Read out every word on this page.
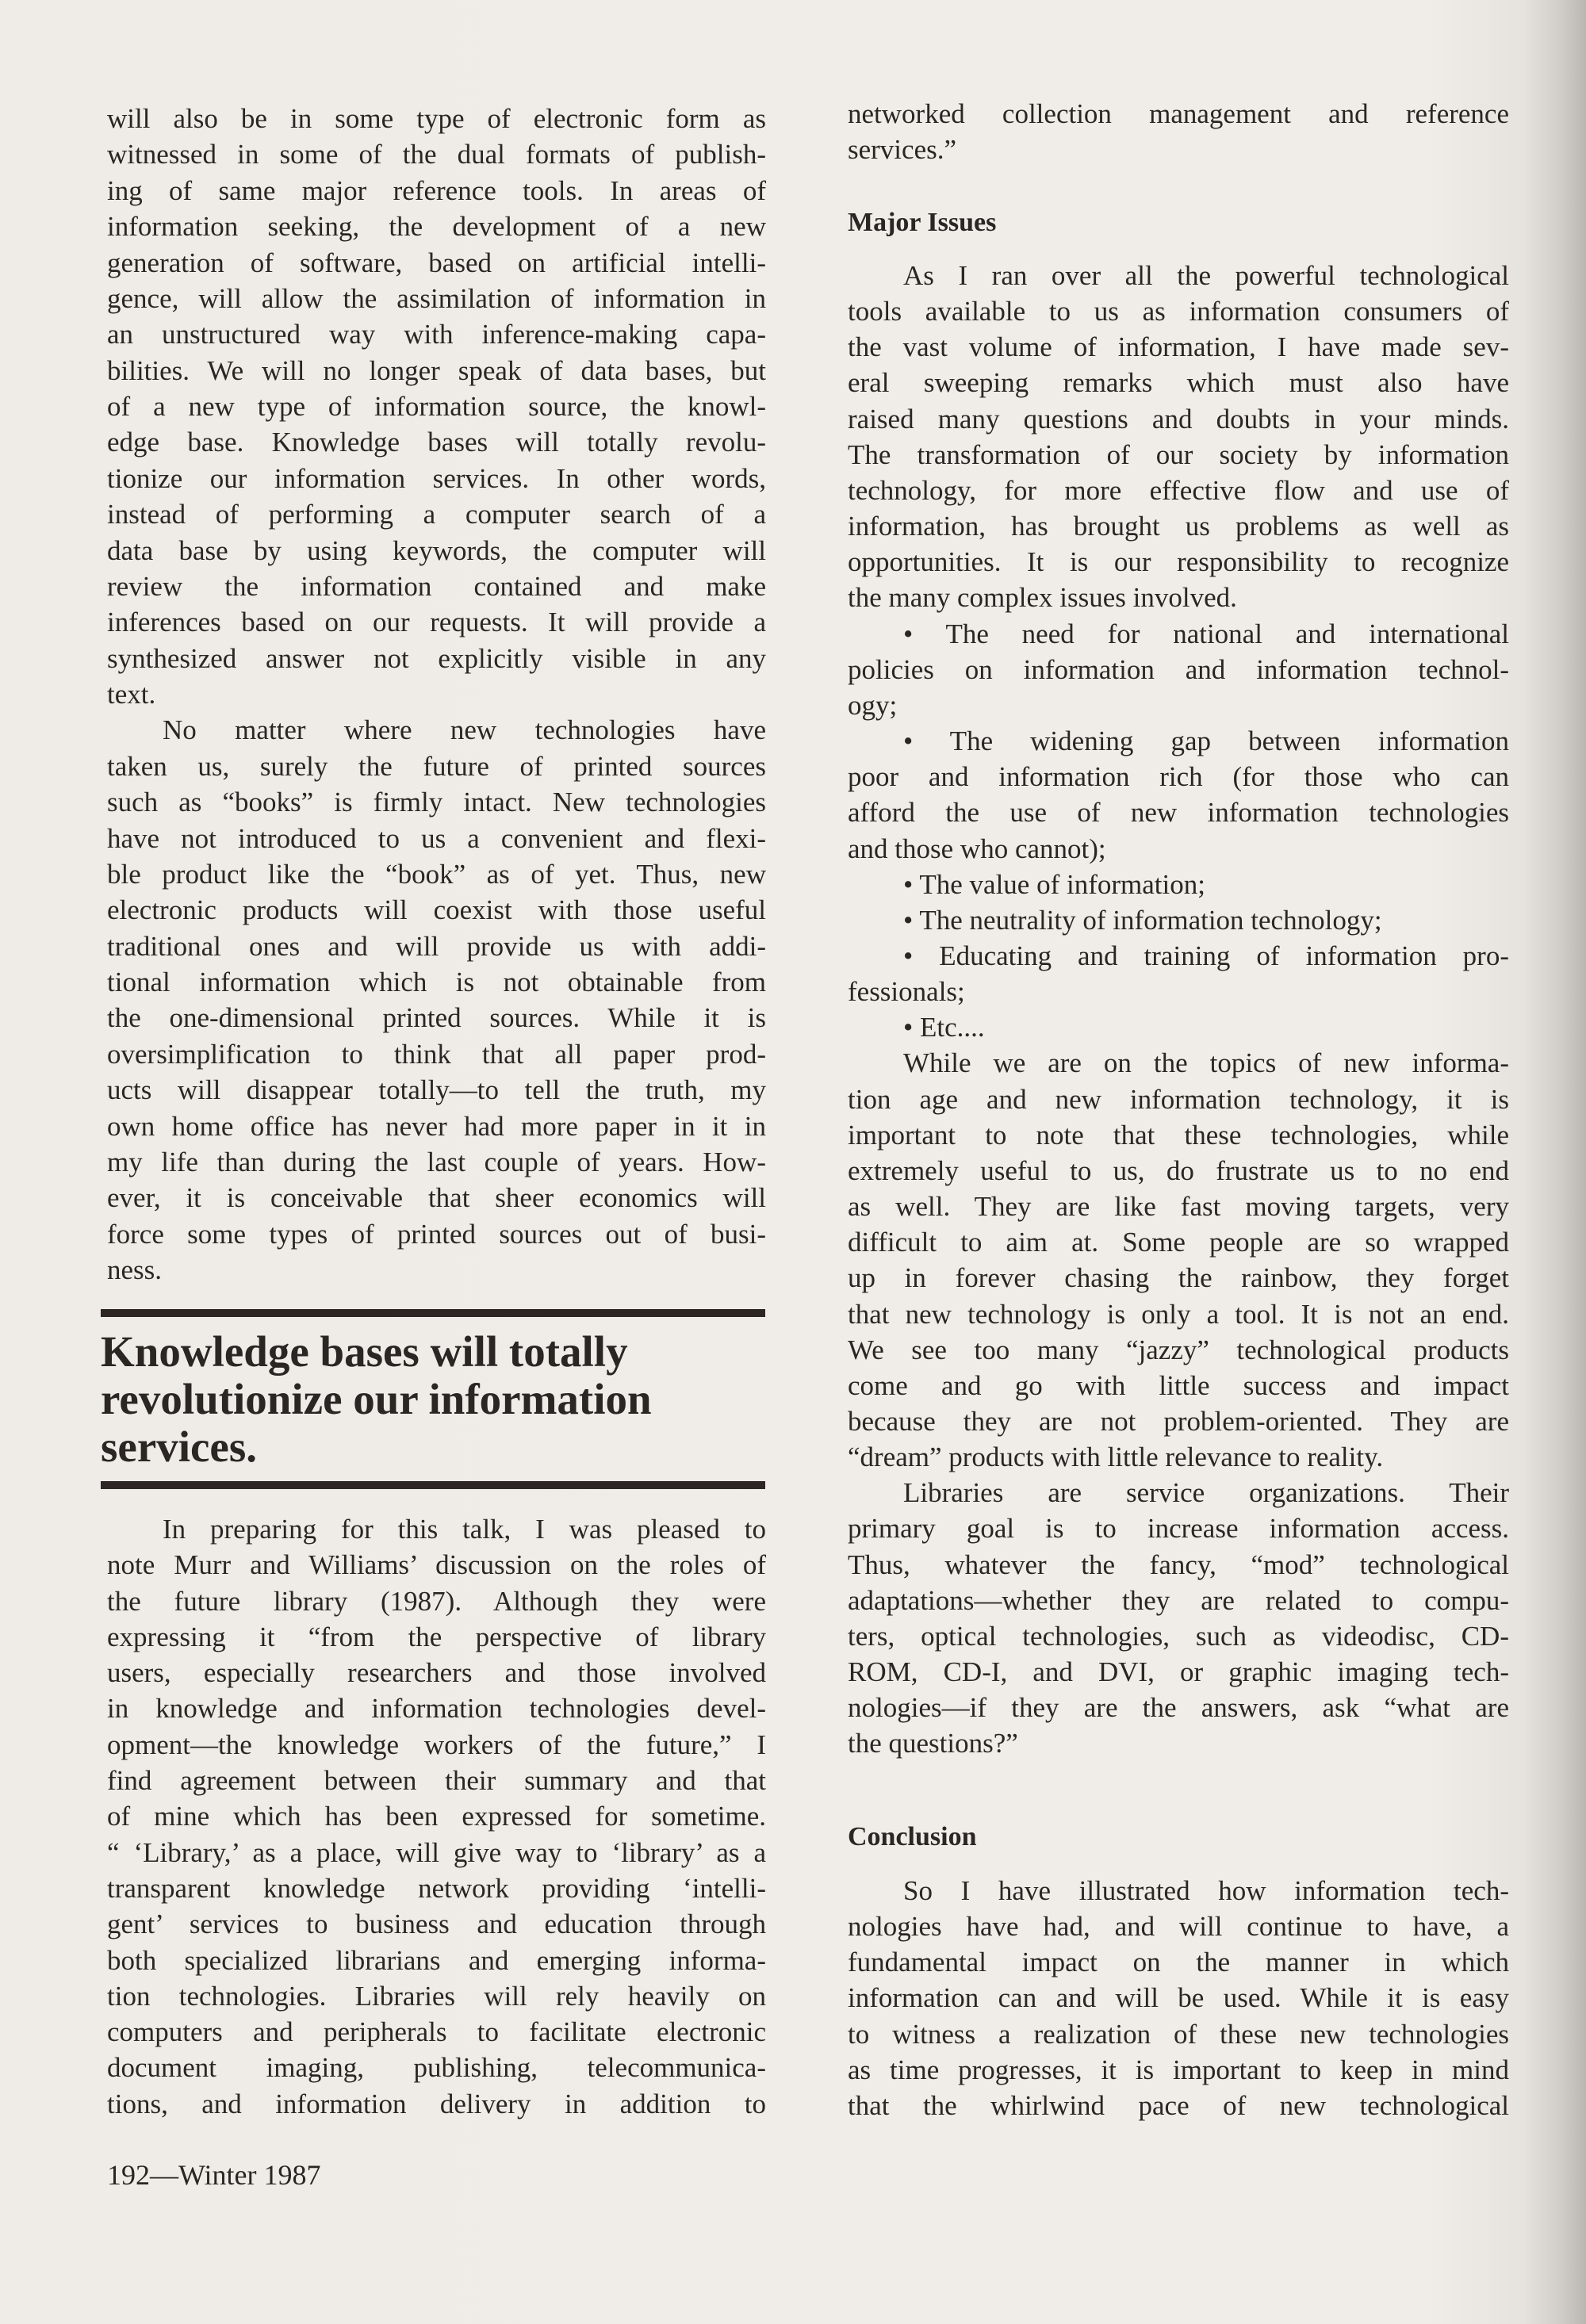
will also be in some type of electronic form as
witnessed in some of the dual formats of publish-
ing of same major reference tools. In areas of
information seeking, the development of a new
generation of software, based on artificial intelli-
gence, will allow the assimilation of information in
an unstructured way with inference-making capa-
bilities. We will no longer speak of data bases, but
of a new type of information source, the knowl-
edge base. Knowledge bases will totally revolu-
tionize our information services. In other words,
instead of performing a computer search of a
data base by using keywords, the computer will
review the information contained and make
inferences based on our requests. It will provide a
synthesized answer not explicitly visible in any
text.
No matter where new technologies have
taken us, surely the future of printed sources
such as “books” is firmly intact. New technologies
have not introduced to us a convenient and flexi-
ble product like the “book” as of yet. Thus, new
electronic products will coexist with those useful
traditional ones and will provide us with addi-
tional information which is not obtainable from
the one-dimensional printed sources. While it is
oversimplification to think that all paper prod-
ucts will disappear totally—to tell the truth, my
own home office has never had more paper in it in
my life than during the last couple of years. How-
ever, it is conceivable that sheer economics will
force some types of printed sources out of busi-
ness.
Knowledge bases will totally
revolutionize our information
services.
In preparing for this talk, I was pleased to
note Murr and Williams’ discussion on the roles of
the future library (1987). Although they were
expressing it “from the perspective of library
users, especially researchers and those involved
in knowledge and information technologies devel-
opment—the knowledge workers of the future,” I
find agreement between their summary and that
of mine which has been expressed for sometime.
“ ‘Library,’ as a place, will give way to ‘library’ as a
transparent knowledge network providing ‘intelli-
gent’ services to business and education through
both specialized librarians and emerging informa-
tion technologies. Libraries will rely heavily on
computers and peripherals to facilitate electronic
document imaging, publishing, telecommunica-
tions, and information delivery in addition to
networked collection management and reference
services.”
Major Issues
As I ran over all the powerful technological
tools available to us as information consumers of
the vast volume of information, I have made sev-
eral sweeping remarks which must also have
raised many questions and doubts in your minds.
The transformation of our society by information
technology, for more effective flow and use of
information, has brought us problems as well as
opportunities. It is our responsibility to recognize
the many complex issues involved.
• The need for national and international
policies on information and information technol-
ogy;
• The widening gap between information
poor and information rich (for those who can
afford the use of new information technologies
and those who cannot);
• The value of information;
• The neutrality of information technology;
• Educating and training of information pro-
fessionals;
• Etc....
While we are on the topics of new informa-
tion age and new information technology, it is
important to note that these technologies, while
extremely useful to us, do frustrate us to no end
as well. They are like fast moving targets, very
difficult to aim at. Some people are so wrapped
up in forever chasing the rainbow, they forget
that new technology is only a tool. It is not an end.
We see too many “jazzy” technological products
come and go with little success and impact
because they are not problem-oriented. They are
“dream” products with little relevance to reality.
Libraries are service organizations. Their
primary goal is to increase information access.
Thus, whatever the fancy, “mod” technological
adaptations—whether they are related to compu-
ters, optical technologies, such as videodisc, CD-
ROM, CD-I, and DVI, or graphic imaging tech-
nologies—if they are the answers, ask “what are
the questions?”
Conclusion
So I have illustrated how information tech-
nologies have had, and will continue to have, a
fundamental impact on the manner in which
information can and will be used. While it is easy
to witness a realization of these new technologies
as time progresses, it is important to keep in mind
that the whirlwind pace of new technological
192—Winter 1987
